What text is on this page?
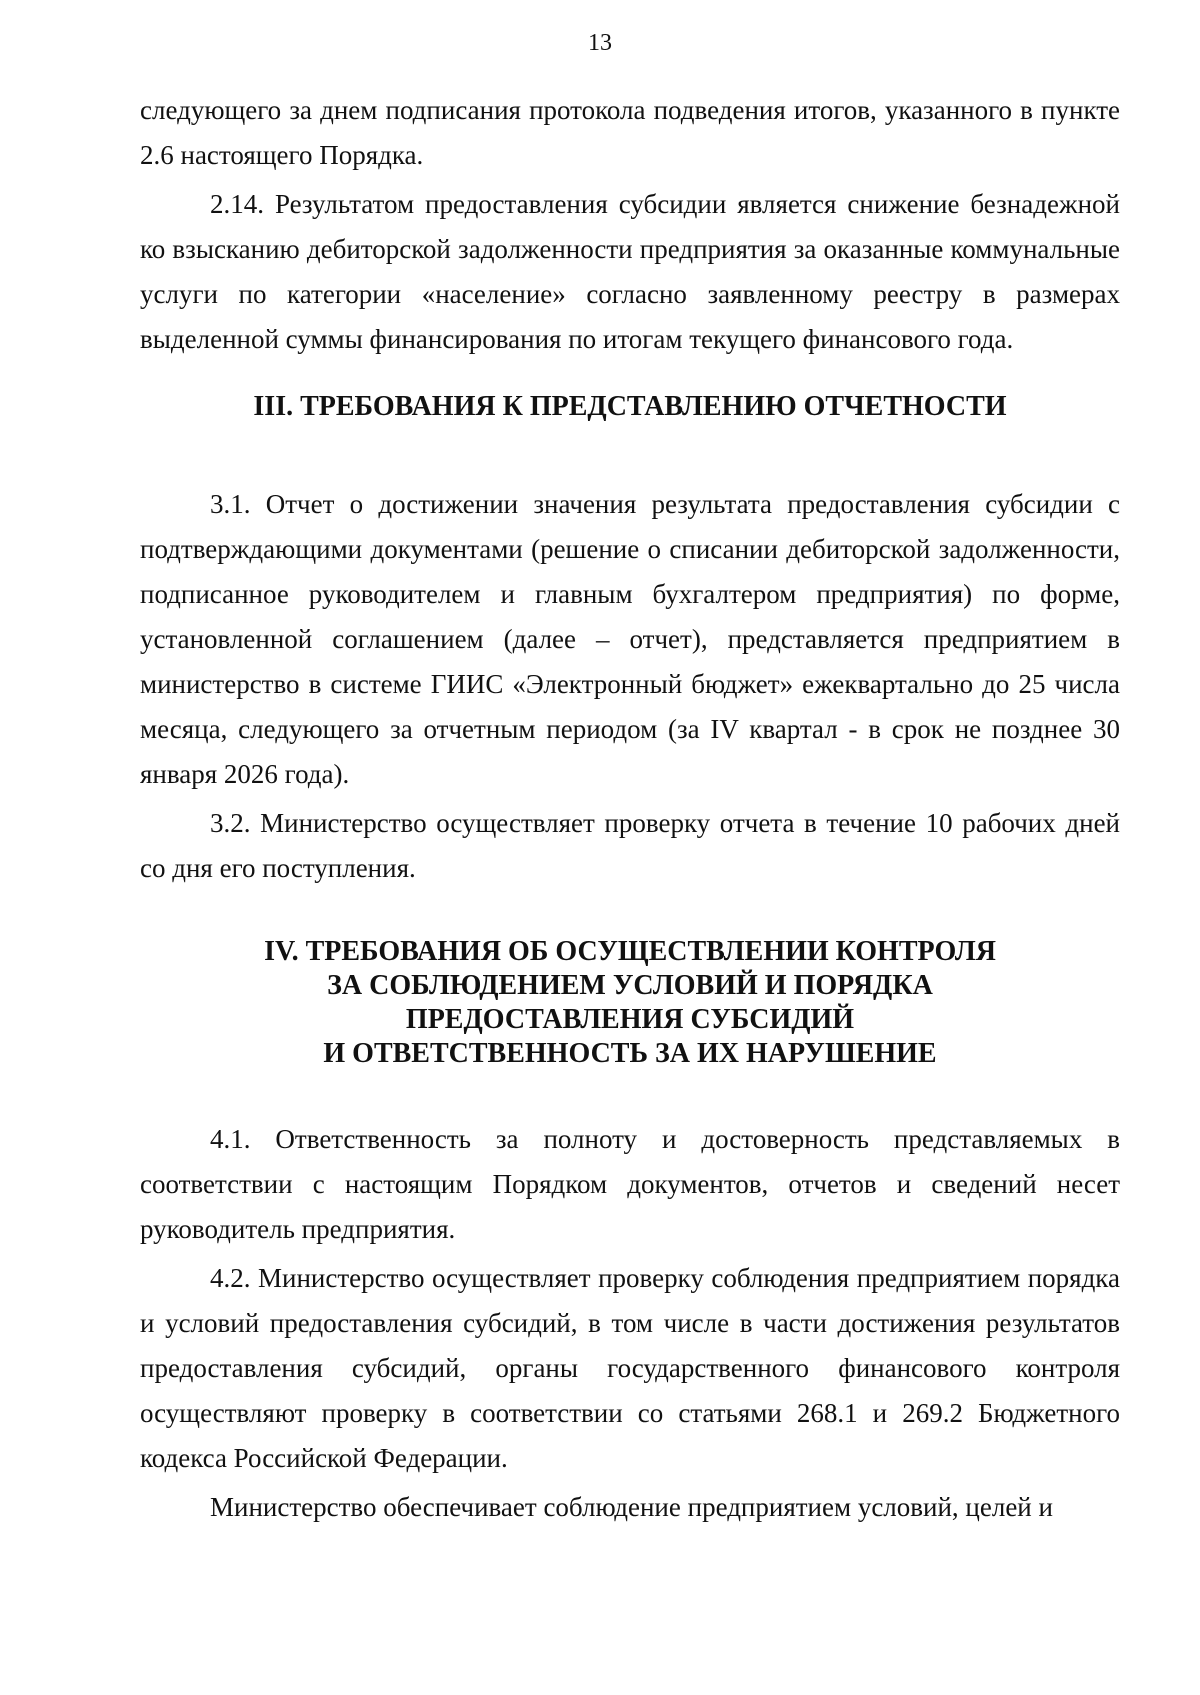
13

следующего за днем подписания протокола подведения итогов, указанного в пункте 2.6 настоящего Порядка.

2.14. Результатом предоставления субсидии является снижение безнадежной ко взысканию дебиторской задолженности предприятия за оказанные коммунальные услуги по категории «население» согласно заявленному реестру в размерах выделенной суммы финансирования по итогам текущего финансового года.

III. ТРЕБОВАНИЯ К ПРЕДСТАВЛЕНИЮ ОТЧЕТНОСТИ

3.1. Отчет о достижении значения результата предоставления субсидии с подтверждающими документами (решение о списании дебиторской задолженности, подписанное руководителем и главным бухгалтером предприятия) по форме, установленной соглашением (далее – отчет), представляется предприятием в министерство в системе ГИИС «Электронный бюджет» ежеквартально до 25 числа месяца, следующего за отчетным периодом (за IV квартал - в срок не позднее 30 января 2026 года).

3.2. Министерство осуществляет проверку отчета в течение 10 рабочих дней со дня его поступления.

IV. ТРЕБОВАНИЯ ОБ ОСУЩЕСТВЛЕНИИ КОНТРОЛЯ
ЗА СОБЛЮДЕНИЕМ УСЛОВИЙ И ПОРЯДКА
ПРЕДОСТАВЛЕНИЯ СУБСИДИЙ
И ОТВЕТСТВЕННОСТЬ ЗА ИХ НАРУШЕНИЕ

4.1. Ответственность за полноту и достоверность представляемых в соответствии с настоящим Порядком документов, отчетов и сведений несет руководитель предприятия.

4.2. Министерство осуществляет проверку соблюдения предприятием порядка и условий предоставления субсидий, в том числе в части достижения результатов предоставления субсидий, органы государственного финансового контроля осуществляют проверку в соответствии со статьями 268.1 и 269.2 Бюджетного кодекса Российской Федерации.

Министерство обеспечивает соблюдение предприятием условий, целей и
